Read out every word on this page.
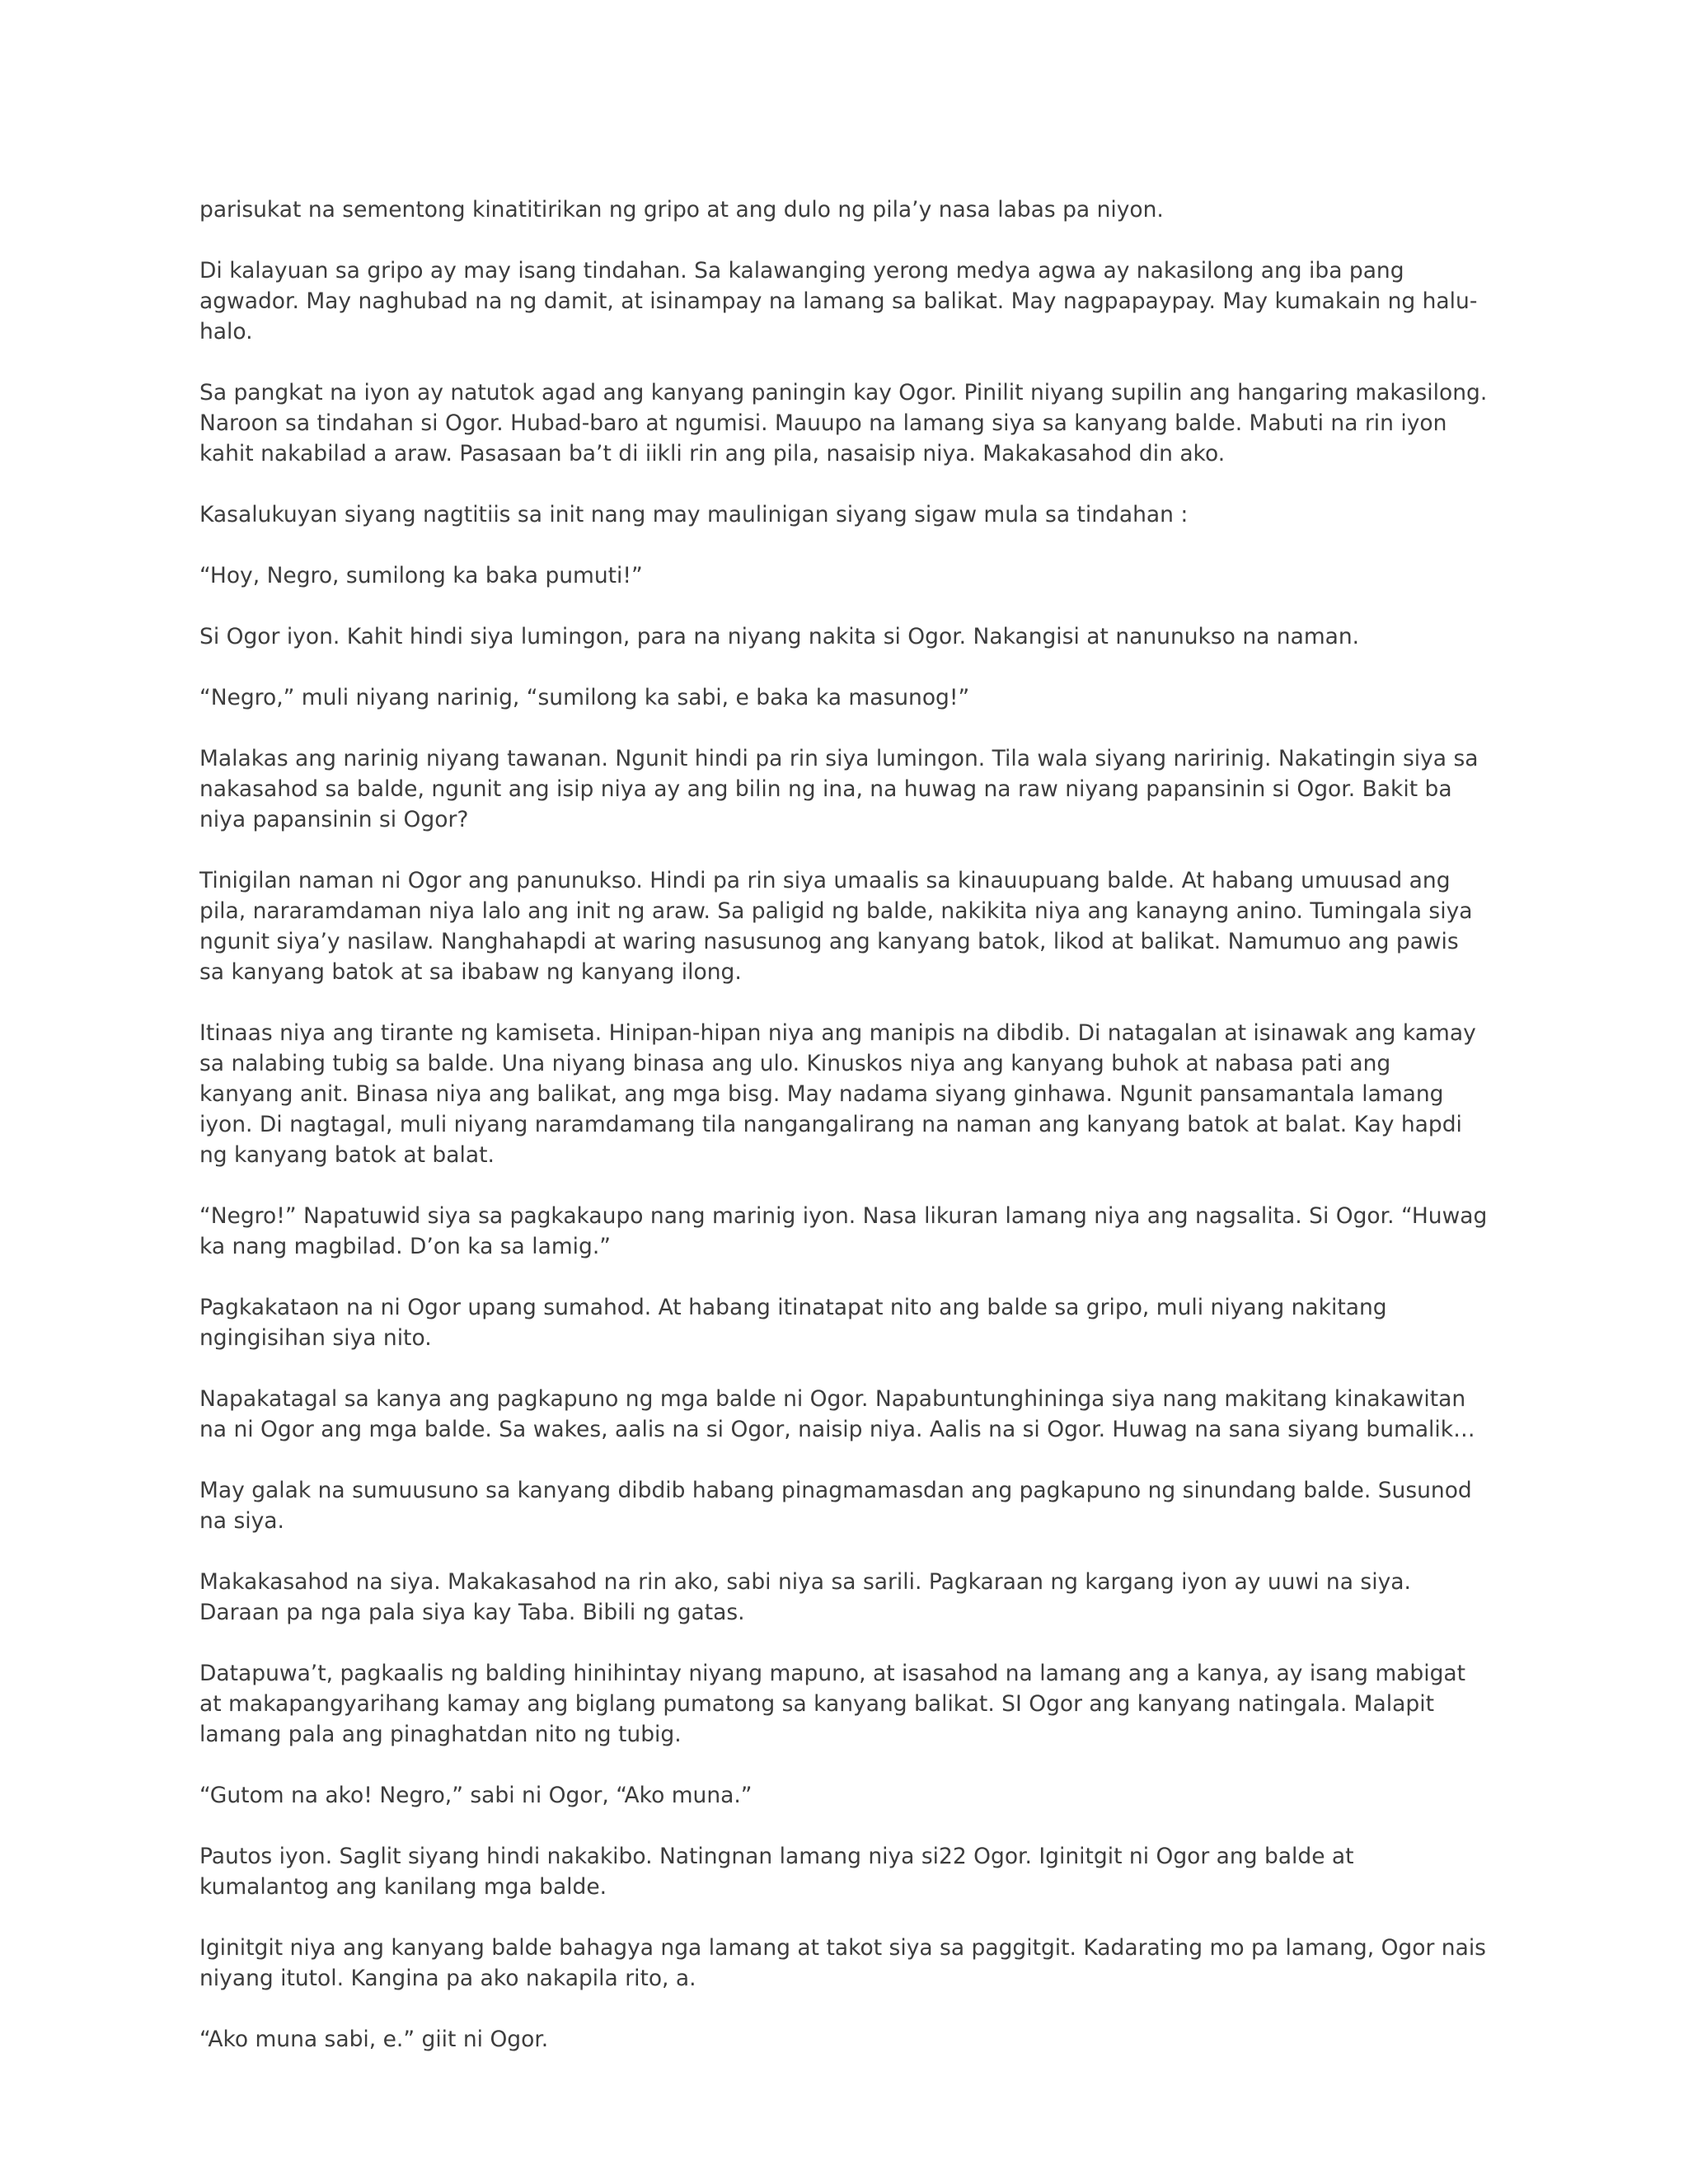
parisukat na sementong kinatitirikan ng gripo at ang dulo ng pila’y nasa labas pa niyon.

Di kalayuan sa gripo ay may isang tindahan. Sa kalawanging yerong medya agwa ay nakasilong ang iba pang agwador. May naghubad na ng damit, at isinampay na lamang sa balikat. May nagpapaypay. May kumakain ng halu-halo.

Sa pangkat na iyon ay natutok agad ang kanyang paningin kay Ogor. Pinilit niyang supilin ang hangaring makasilong. Naroon sa tindahan si Ogor. Hubad-baro at ngumisi. Mauupo na lamang siya sa kanyang balde. Mabuti na rin iyon kahit nakabilad a araw. Pasasaan ba’t di iikli rin ang pila, nasaisip niya. Makakasahod din ako.

Kasalukuyan siyang nagtitiis sa init nang may maulinigan siyang sigaw mula sa tindahan :

“Hoy, Negro, sumilong ka baka pumuti!”

Si Ogor iyon. Kahit hindi siya lumingon, para na niyang nakita si Ogor. Nakangisi at nanunukso na naman.

“Negro,” muli niyang narinig, “sumilong ka sabi, e baka ka masunog!”

Malakas ang narinig niyang tawanan. Ngunit hindi pa rin siya lumingon. Tila wala siyang naririnig. Nakatingin siya sa nakasahod sa balde, ngunit ang isip niya ay ang bilin ng ina, na huwag na raw niyang papansinin si Ogor. Bakit ba niya papansinin si Ogor?

Tinigilan naman ni Ogor ang panunukso. Hindi pa rin siya umaalis sa kinauupuang balde. At habang umuusad ang pila, nararamdaman niya lalo ang init ng araw. Sa paligid ng balde, nakikita niya ang kanayng anino. Tumingala siya ngunit siya’y nasilaw. Nanghahapdi at waring nasusunog ang kanyang batok, likod at balikat. Namumuo ang pawis sa kanyang batok at sa ibabaw ng kanyang ilong.

Itinaas niya ang tirante ng kamiseta. Hinipan-hipan niya ang manipis na dibdib. Di natagalan at isinawak ang kamay sa nalabing tubig sa balde. Una niyang binasa ang ulo. Kinuskos niya ang kanyang buhok at nabasa pati ang kanyang anit. Binasa niya ang balikat, ang mga bisg. May nadama siyang ginhawa. Ngunit pansamantala lamang iyon. Di nagtagal, muli niyang naramdamang tila nangangalirang na naman ang kanyang batok at balat. Kay hapdi ng kanyang batok at balat.

“Negro!” Napatuwid siya sa pagkakaupo nang marinig iyon. Nasa likuran lamang niya ang nagsalita. Si Ogor. “Huwag ka nang magbilad. D’on ka sa lamig.”

Pagkakataon na ni Ogor upang sumahod. At habang itinatapat nito ang balde sa gripo, muli niyang nakitang ngingisihan siya nito.

Napakatagal sa kanya ang pagkapuno ng mga balde ni Ogor. Napabuntunghininga siya nang makitang kinakawitan na ni Ogor ang mga balde. Sa wakes, aalis na si Ogor, naisip niya. Aalis na si Ogor. Huwag na sana siyang bumalik…

May galak na sumuusuno sa kanyang dibdib habang pinagmamasdan ang pagkapuno ng sinundang balde. Susunod na siya.

Makakasahod na siya. Makakasahod na rin ako, sabi niya sa sarili. Pagkaraan ng kargang iyon ay uuwi na siya. Daraan pa nga pala siya kay Taba. Bibili ng gatas.

Datapuwa’t, pagkaalis ng balding hinihintay niyang mapuno, at isasahod na lamang ang a kanya, ay isang mabigat at makapangyarihang kamay ang biglang pumatong sa kanyang balikat. SI Ogor ang kanyang natingala. Malapit lamang pala ang pinaghatdan nito ng tubig.

“Gutom na ako! Negro,” sabi ni Ogor, “Ako muna.”

Pautos iyon. Saglit siyang hindi nakakibo. Natingnan lamang niya si22 Ogor. Iginitgit ni Ogor ang balde at kumalantog ang kanilang mga balde.

Iginitgit niya ang kanyang balde bahagya nga lamang at takot siya sa paggitgit. Kadarating mo pa lamang, Ogor nais niyang itutol. Kangina pa ako nakapila rito, a.

“Ako muna sabi, e.” giit ni Ogor.
